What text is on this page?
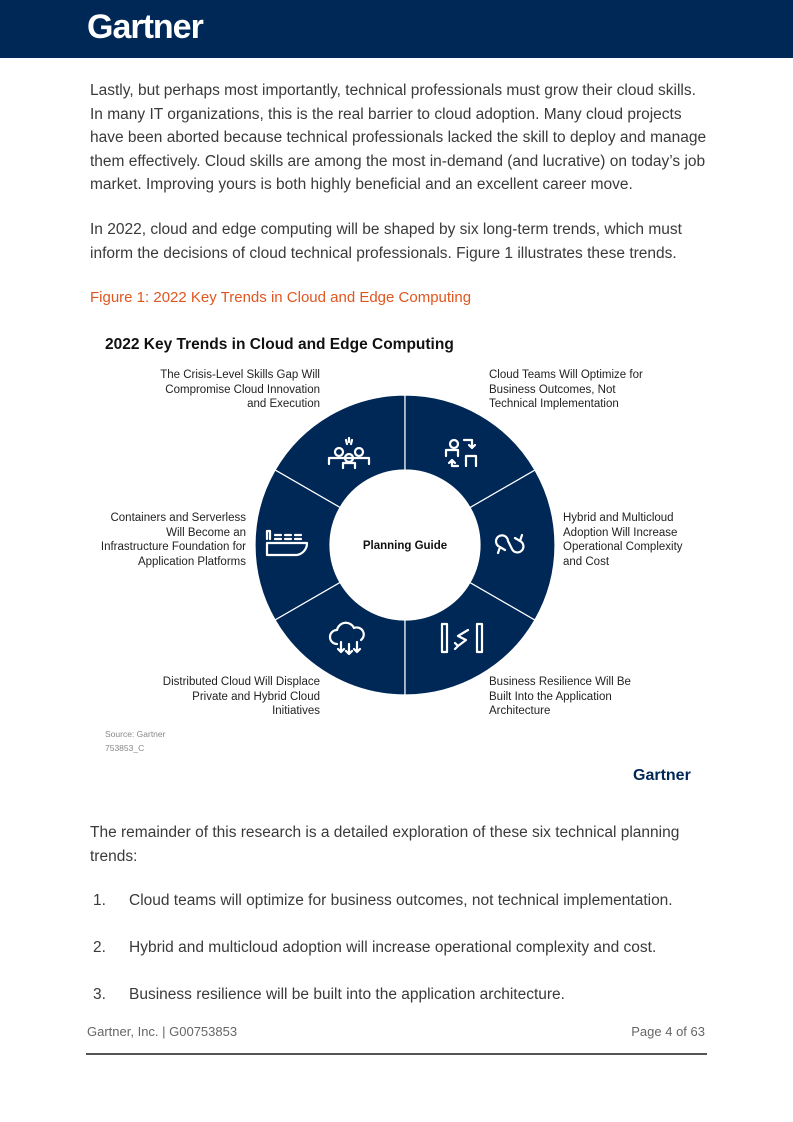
Gartner
Lastly, but perhaps most importantly, technical professionals must grow their cloud skills. In many IT organizations, this is the real barrier to cloud adoption. Many cloud projects have been aborted because technical professionals lacked the skill to deploy and manage them effectively. Cloud skills are among the most in-demand (and lucrative) on today’s job market. Improving yours is both highly beneficial and an excellent career move.
In 2022, cloud and edge computing will be shaped by six long-term trends, which must inform the decisions of cloud technical professionals. Figure 1 illustrates these trends.
Figure 1: 2022 Key Trends in Cloud and Edge Computing
2022 Key Trends in Cloud and Edge Computing
Planning Guide
The Crisis-Level Skills Gap Will Compromise Cloud Innovation and Execution
Cloud Teams Will Optimize for Business Outcomes, Not Technical Implementation
Hybrid and Multicloud Adoption Will Increase Operational Complexity and Cost
Business Resilience Will Be Built Into the Application Architecture
Distributed Cloud Will Displace Private and Hybrid Cloud Initiatives
Containers and Serverless Will Become an Infrastructure Foundation for Application Platforms
Source: Gartner
753853_C
Gartner
The remainder of this research is a detailed exploration of these six technical planning trends:
1. Cloud teams will optimize for business outcomes, not technical implementation.
2. Hybrid and multicloud adoption will increase operational complexity and cost.
3. Business resilience will be built into the application architecture.
Gartner, Inc. | G00753853	Page 4 of 63
